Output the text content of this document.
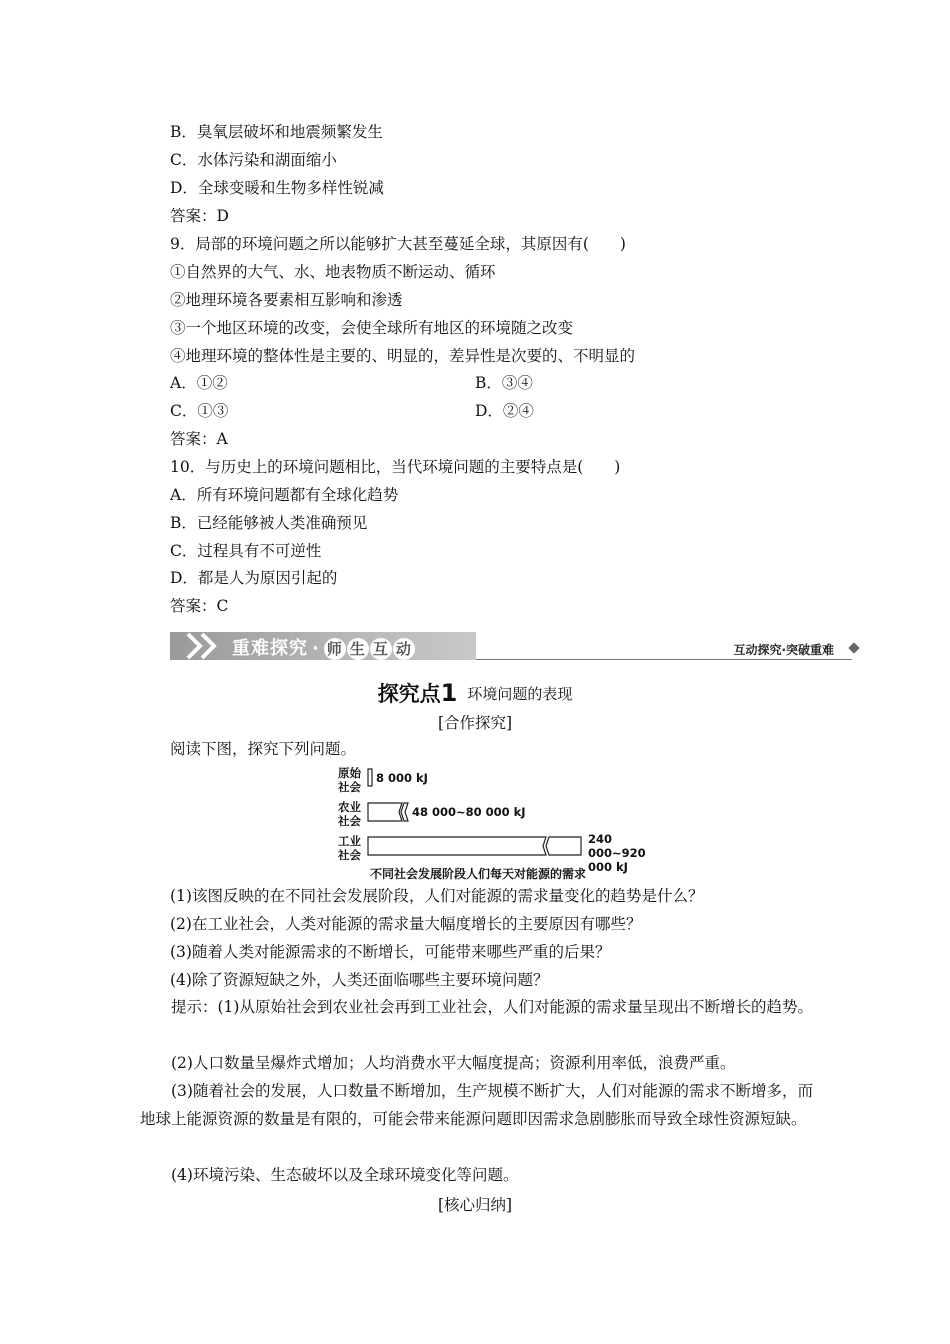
B．臭氧层破坏和地震频繁发生
C．水体污染和湖面缩小
D．全球变暖和生物多样性锐减
答案：D
9．局部的环境问题之所以能够扩大甚至蔓延全球，其原因有(　　)
①自然界的大气、水、地表物质不断运动、循环
②地理环境各要素相互影响和渗透
③一个地区环境的改变，会使全球所有地区的环境随之改变
④地理环境的整体性是主要的、明显的，差异性是次要的、不明显的
A．①②	B．③④
C．①③	D．②④
答案：A
10．与历史上的环境问题相比，当代环境问题的主要特点是(　　)
A．所有环境问题都有全球化趋势
B．已经能够被人类准确预见
C．过程具有不可逆性
D．都是人为原因引起的
答案：C
重难探究 · 师 生 互 动	互动探究·突破重难
探究点1 环境问题的表现
[合作探究]
阅读下图，探究下列问题。
原始社会
农业社会
工业社会
8 000 kJ
48 000~80 000 kJ
240 000~920 000 kJ
不同社会发展阶段人们每天对能源的需求
(1)该图反映的在不同社会发展阶段，人们对能源的需求量变化的趋势是什么？
(2)在工业社会，人类对能源的需求量大幅度增长的主要原因有哪些？
(3)随着人类对能源需求的不断增长，可能带来哪些严重的后果？
(4)除了资源短缺之外，人类还面临哪些主要环境问题？
提示：(1)从原始社会到农业社会再到工业社会，人们对能源的需求量呈现出不断增长的趋势。
(2)人口数量呈爆炸式增加；人均消费水平大幅度提高；资源利用率低，浪费严重。
(3)随着社会的发展，人口数量不断增加，生产规模不断扩大，人们对能源的需求不断增多，而地球上能源资源的数量是有限的，可能会带来能源问题即因需求急剧膨胀而导致全球性资源短缺。
(4)环境污染、生态破坏以及全球环境变化等问题。
[核心归纳]
